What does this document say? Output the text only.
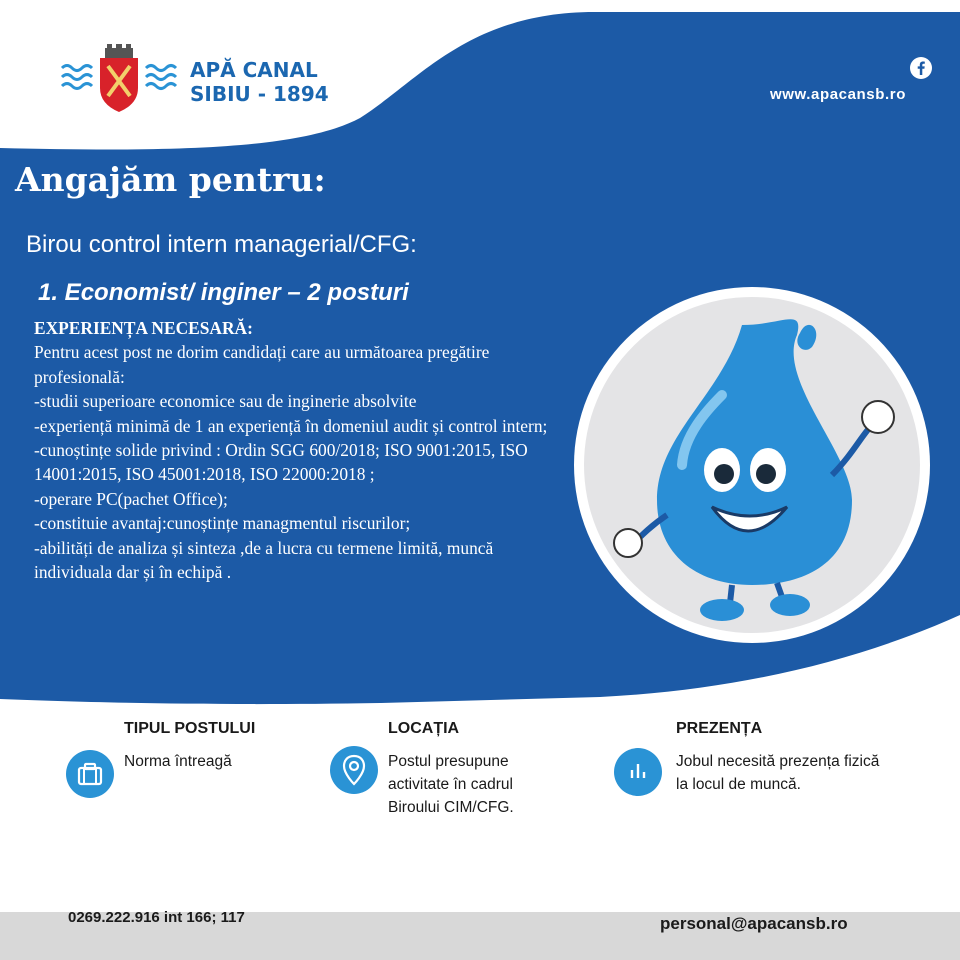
APĂ CANAL
SIBIU - 1894	www.apacansb.ro
Angajăm pentru:
Birou control intern managerial/CFG:
1. Economist/ inginer – 2 posturi

EXPERIENȚA NECESARĂ:

Pentru acest post ne dorim candidați care au următoarea pregătire profesională:

-studii superioare economice sau de inginerie absolvite

-experiență minimă de 1 an experiență în domeniul audit și control intern;

-cunoștințe solide privind : Ordin SGG 600/2018; ISO 9001:2015, ISO 14001:2015, ISO 45001:2018, ISO 22000:2018 ;

-operare PC(pachet Office);

-constituie avantaj:cunoștințe managmentul riscurilor;

-abilități de analiza și sinteza ,de a lucra cu termene limită, muncă individuala dar și în echipă .

TIPUL POSTULUI
Norma întreagă
LOCAȚIA
Postul presupune activitate în cadrul Biroului CIM/CFG.
PREZENȚA
Jobul necesită prezența fizică la locul de muncă.
0269.222.916 int 166; 117	personal@apacansb.ro
